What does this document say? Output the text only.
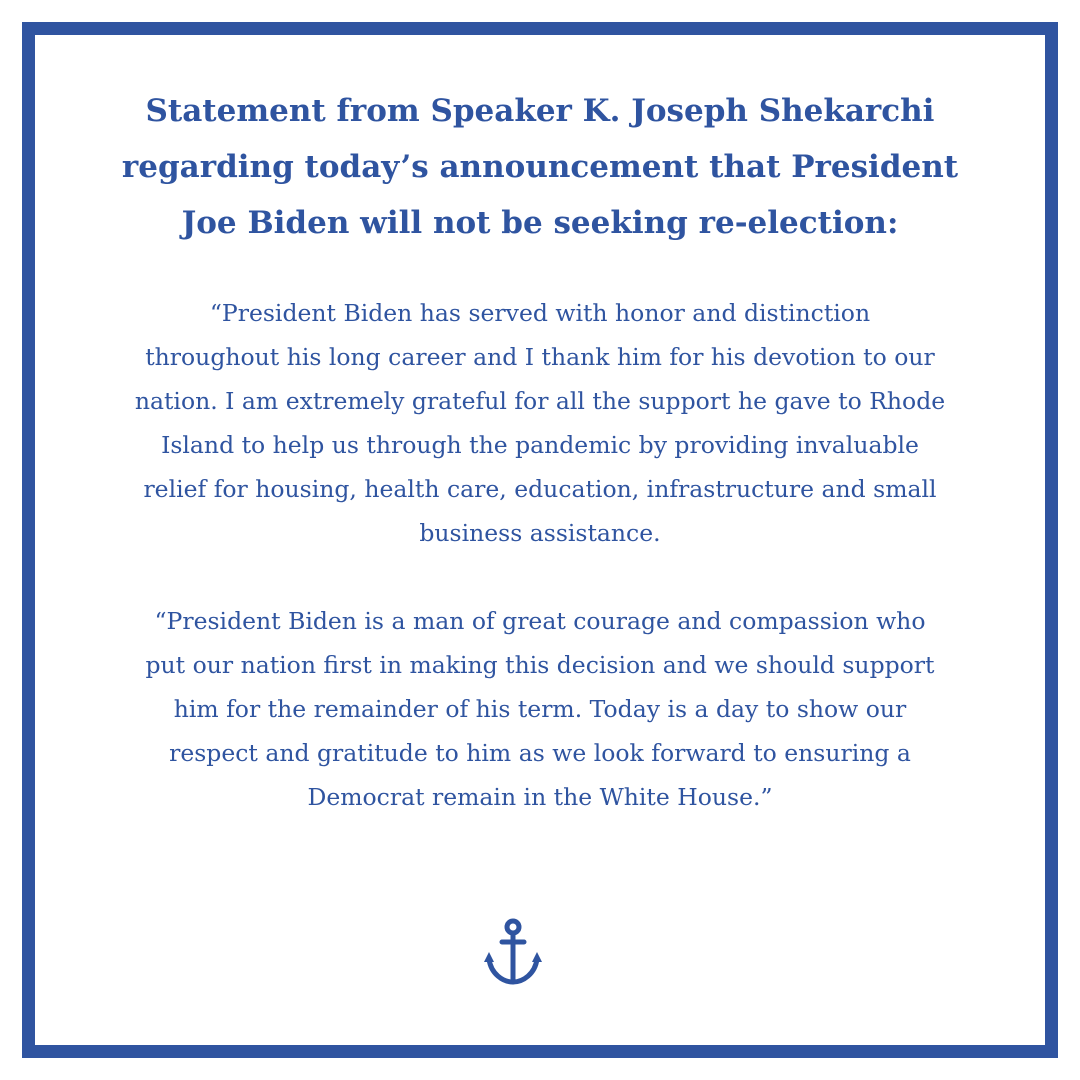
Statement from Speaker K. Joseph Shekarchi
regarding today’s announcement that President
Joe Biden will not be seeking re-election:
“President Biden has served with honor and distinction
throughout his long career and I thank him for his devotion to our
nation. I am extremely grateful for all the support he gave to Rhode
Island to help us through the pandemic by providing invaluable
relief for housing, health care, education, infrastructure and small
business assistance.
“President Biden is a man of great courage and compassion who
put our nation first in making this decision and we should support
him for the remainder of his term. Today is a day to show our
respect and gratitude to him as we look forward to ensuring a
Democrat remain in the White House.”
